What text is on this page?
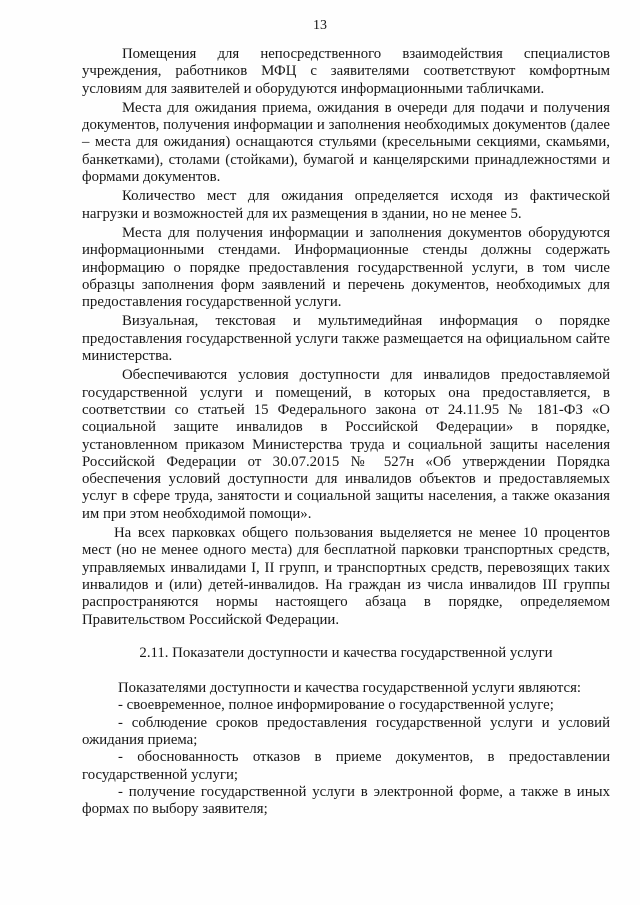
13

Помещения для непосредственного взаимодействия специалистов учреждения, работников МФЦ с заявителями соответствуют комфортным условиям для заявителей и оборудуются информационными табличками.

Места для ожидания приема, ожидания в очереди для подачи и получения документов, получения информации и заполнения необходимых документов (далее – места для ожидания) оснащаются стульями (кресельными секциями, скамьями, банкетками), столами (стойками), бумагой и канцелярскими принадлежностями и формами документов.

Количество мест для ожидания определяется исходя из фактической нагрузки и возможностей для их размещения в здании, но не менее 5.

Места для получения информации и заполнения документов оборудуются информационными стендами. Информационные стенды должны содержать информацию о порядке предоставления государственной услуги, в том числе образцы заполнения форм заявлений и перечень документов, необходимых для предоставления государственной услуги.

Визуальная, текстовая и мультимедийная информация о порядке предоставления государственной услуги также размещается на официальном сайте министерства.

Обеспечиваются условия доступности для инвалидов предоставляемой государственной услуги и помещений, в которых она предоставляется, в соответствии со статьей 15 Федерального закона от 24.11.95 № 181-ФЗ «О социальной защите инвалидов в Российской Федерации» в порядке, установленном приказом Министерства труда и социальной защиты населения Российской Федерации от 30.07.2015 № 527н «Об утверждении Порядка обеспечения условий доступности для инвалидов объектов и предоставляемых услуг в сфере труда, занятости и социальной защиты населения, а также оказания им при этом необходимой помощи».

На всех парковках общего пользования выделяется не менее 10 процентов мест (но не менее одного места) для бесплатной парковки транспортных средств, управляемых инвалидами I, II групп, и транспортных средств, перевозящих таких инвалидов и (или) детей-инвалидов. На граждан из числа инвалидов III группы распространяются нормы настоящего абзаца в порядке, определяемом Правительством Российской Федерации.

2.11. Показатели доступности и качества государственной услуги

Показателями доступности и качества государственной услуги являются:

- своевременное, полное информирование о государственной услуге;

- соблюдение сроков предоставления государственной услуги и условий ожидания приема;

- обоснованность отказов в приеме документов, в предоставлении государственной услуги;

- получение государственной услуги в электронной форме, а также в иных формах по выбору заявителя;
